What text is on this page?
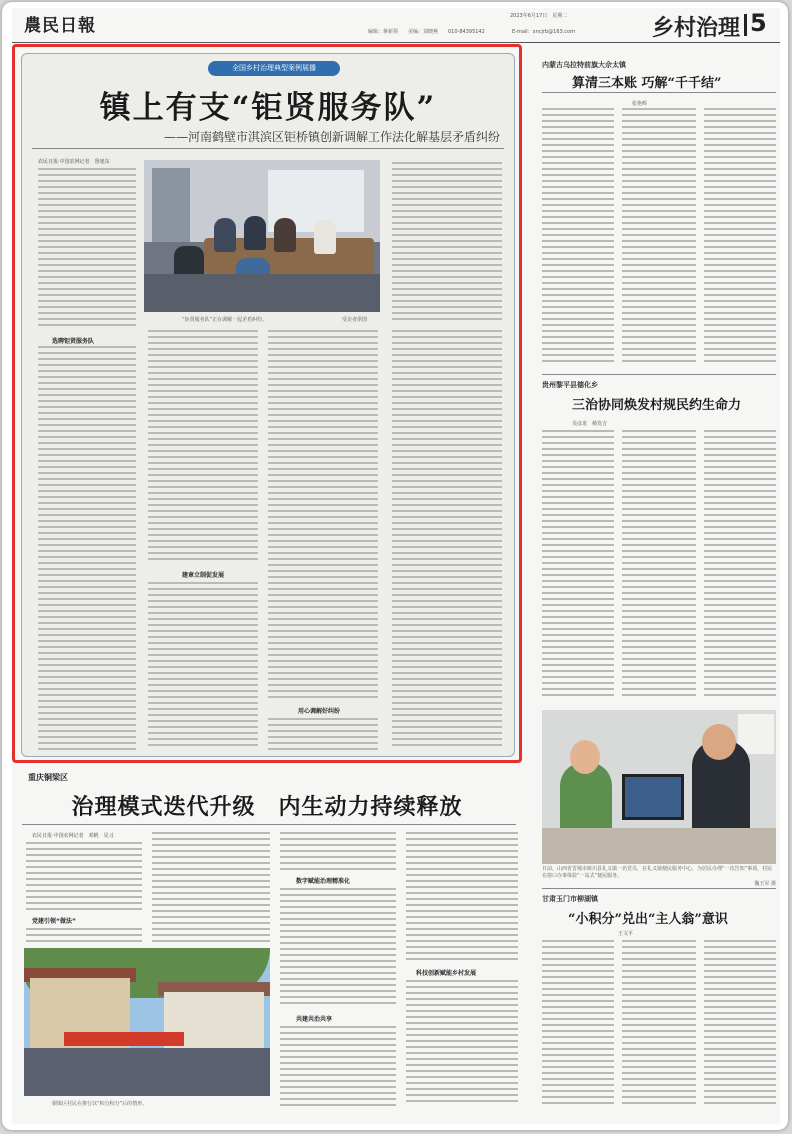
農民日報	编辑：蒋新领　　美编：刘晓燕　　010-84395142
2023年6月17日　星期二
E-mail：xncjrb@163.com	乡村治理 5
全国乡村治理典型案例展播
镇上有支“钜贤服务队”
——河南鹤壁市淇滨区钜桥镇创新调解工作法化解基层矛盾纠纷
农民日报·中国农网记者　鲁旭东
“钜贤服务队”正在调解一起矛盾纠纷。	受访者供图
选聘钜贤服务队
建章立制促发展
用心调解好纠纷
内蒙古乌拉特前旗大佘太镇
算清三本账 巧解“千千结”
张艳辉
贵州黎平县德化乡
三治协同焕发村规民约生命力
吴彦龙　杨发吉
日前，山西省晋城市陵川县礼义镇一名党员，在礼义镇便民服务中心，为居民办理“一次告知”事项，村民在窗口办事体验“一站式”便民服务。
魏玉军 摄
甘肃玉门市柳湖镇
“小积分”兑出“主人翁”意识
王文平
重庆铜梁区
治理模式迭代升级　内生动力持续释放
农民日报·中国农网记者　邓帆　见习
党建引领“做法”
数字赋能治理精准化
共建共治共享
科技创新赋能乡村发展
铜梁区村民在推行以“积分积分”后的情形。
